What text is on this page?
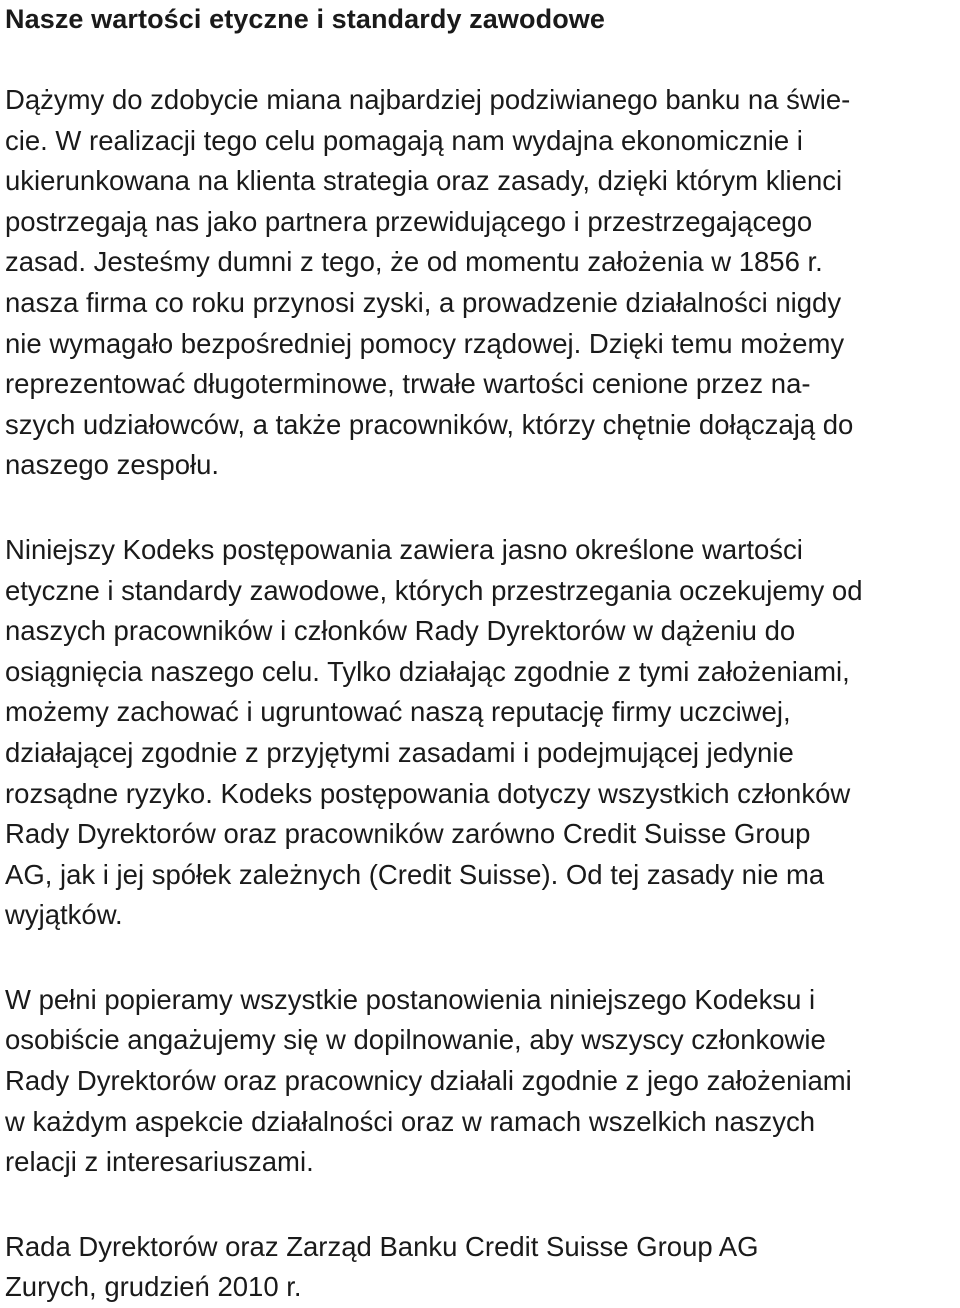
Nasze wartości etyczne i standardy zawodowe

Dążymy do zdobycie miana najbardziej podziwianego banku na świe-
cie. W realizacji tego celu pomagają nam wydajna ekonomicznie i
ukierunkowana na klienta strategia oraz zasady, dzięki którym klienci
postrzegają nas jako partnera przewidującego i przestrzegającego
zasad. Jesteśmy dumni z tego, że od momentu założenia w 1856 r.
nasza firma co roku przynosi zyski, a prowadzenie działalności nigdy
nie wymagało bezpośredniej pomocy rządowej. Dzięki temu możemy
reprezentować długoterminowe, trwałe wartości cenione przez na-
szych udziałowców, a także pracowników, którzy chętnie dołączają do
naszego zespołu.

Niniejszy Kodeks postępowania zawiera jasno określone wartości
etyczne i standardy zawodowe, których przestrzegania oczekujemy od
naszych pracowników i członków Rady Dyrektorów w dążeniu do
osiągnięcia naszego celu. Tylko działając zgodnie z tymi założeniami,
możemy zachować i ugruntować naszą reputację firmy uczciwej,
działającej zgodnie z przyjętymi zasadami i podejmującej jedynie
rozsądne ryzyko. Kodeks postępowania dotyczy wszystkich członków
Rady Dyrektorów oraz pracowników zarówno Credit Suisse Group
AG, jak i jej spółek zależnych (Credit Suisse). Od tej zasady nie ma
wyjątków.

W pełni popieramy wszystkie postanowienia niniejszego Kodeksu i
osobiście angażujemy się w dopilnowanie, aby wszyscy członkowie
Rady Dyrektorów oraz pracownicy działali zgodnie z jego założeniami
w każdym aspekcie działalności oraz w ramach wszelkich naszych
relacji z interesariuszami.

Rada Dyrektorów oraz Zarząd Banku Credit Suisse Group AG
Zurych, grudzień 2010 r.
